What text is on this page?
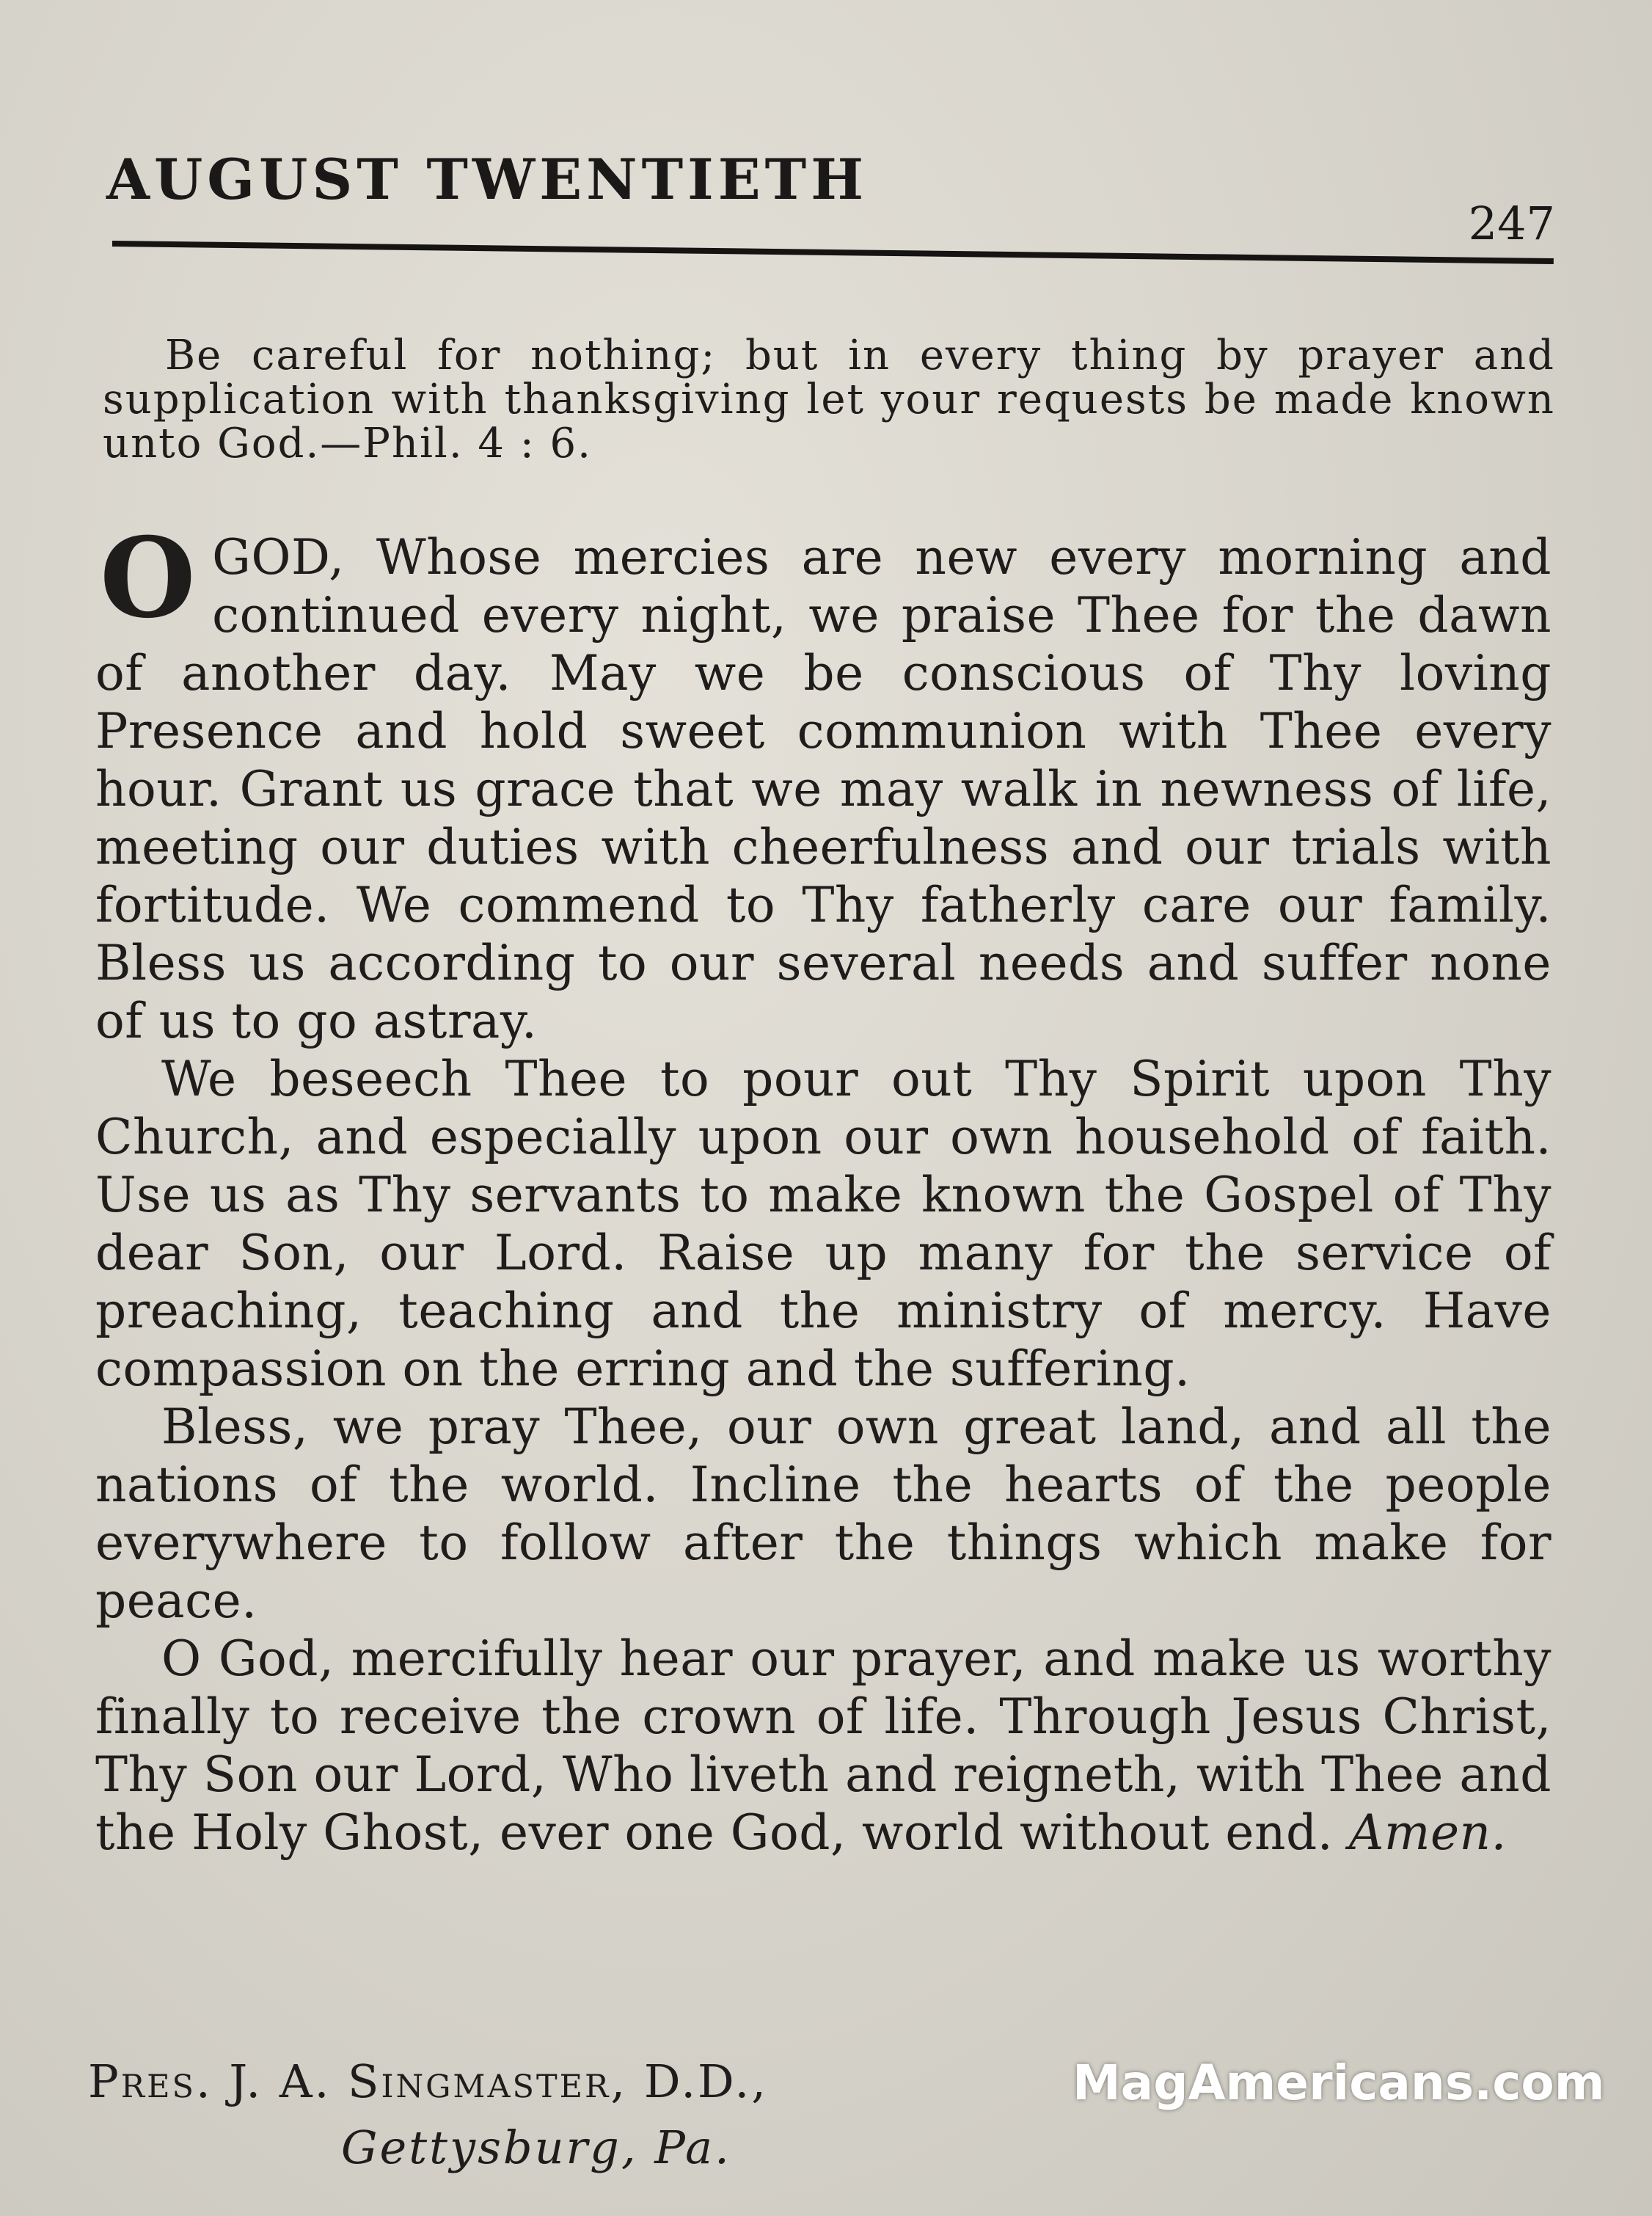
AUGUST TWENTIETH
247
Be careful for nothing; but in every thing by prayer and supplication with thanksgiving let your requests be made known unto God.—Phil. 4 : 6.

O GOD, Whose mercies are new every morning and continued every night, we praise Thee for the dawn of another day. May we be conscious of Thy loving Presence and hold sweet communion with Thee every hour. Grant us grace that we may walk in newness of life, meeting our duties with cheerfulness and our trials with fortitude. We commend to Thy fatherly care our family. Bless us according to our several needs and suffer none of us to go astray.

We beseech Thee to pour out Thy Spirit upon Thy Church, and especially upon our own household of faith. Use us as Thy servants to make known the Gospel of Thy dear Son, our Lord. Raise up many for the service of preaching, teaching and the ministry of mercy. Have compassion on the erring and the suffering.

Bless, we pray Thee, our own great land, and all the nations of the world. Incline the hearts of the people everywhere to follow after the things which make for peace.

O God, mercifully hear our prayer, and make us worthy finally to receive the crown of life. Through Jesus Christ, Thy Son our Lord, Who liveth and reigneth, with Thee and the Holy Ghost, ever one God, world without end. Amen.

Pres. J. A. Singmaster, D.D.,
Gettysburg, Pa.
MagAmericans.com
